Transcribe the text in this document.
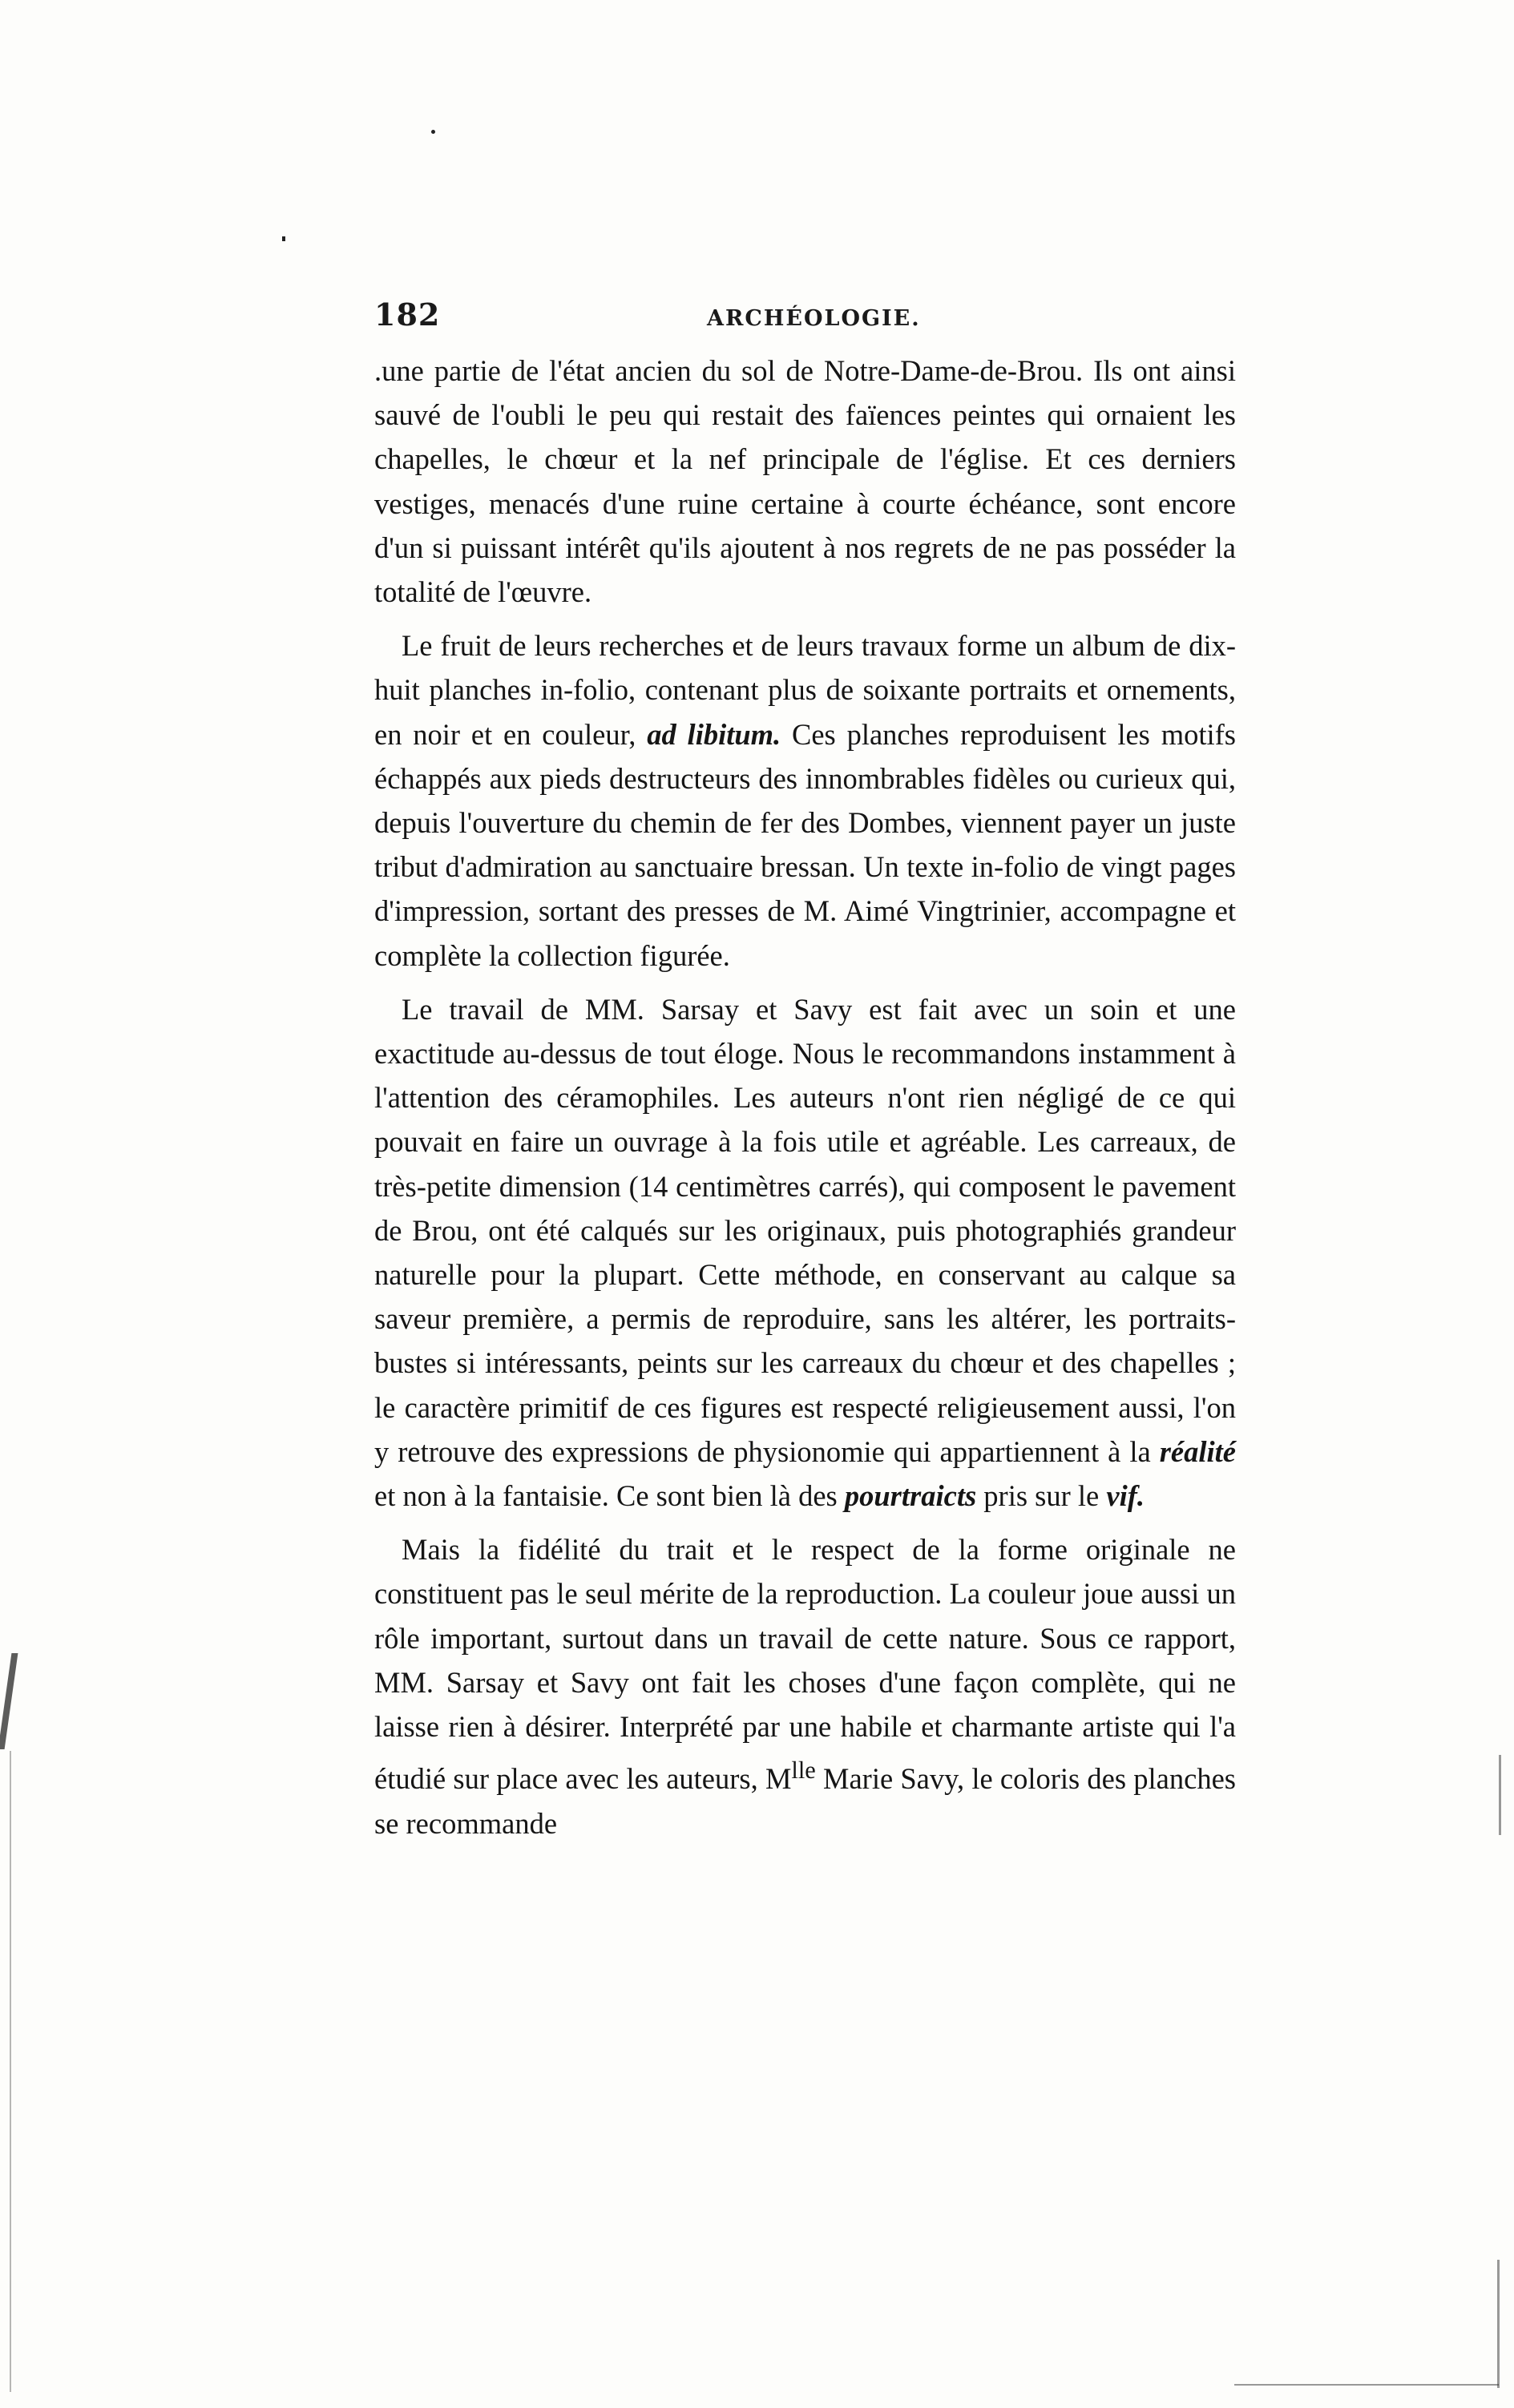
182	ARCHÉOLOGIE.

.une partie de l'état ancien du sol de Notre-Dame-de-Brou. Ils ont ainsi sauvé de l'oubli le peu qui restait des faïences peintes qui ornaient les chapelles, le chœur et la nef principale de l'église. Et ces derniers vestiges, menacés d'une ruine certaine à courte échéance, sont encore d'un si puissant intérêt qu'ils ajoutent à nos regrets de ne pas posséder la totalité de l'œuvre.

Le fruit de leurs recherches et de leurs travaux forme un album de dix-huit planches in-folio, contenant plus de soixante portraits et ornements, en noir et en couleur, ad libitum. Ces planches reproduisent les motifs échappés aux pieds destructeurs des innombrables fidèles ou curieux qui, depuis l'ouverture du chemin de fer des Dombes, viennent payer un juste tribut d'admiration au sanctuaire bressan. Un texte in-folio de vingt pages d'impression, sortant des presses de M. Aimé Vingtrinier, accompagne et complète la collection figurée.

Le travail de MM. Sarsay et Savy est fait avec un soin et une exactitude au-dessus de tout éloge. Nous le recommandons instamment à l'attention des céramophiles. Les auteurs n'ont rien négligé de ce qui pouvait en faire un ouvrage à la fois utile et agréable. Les carreaux, de très-petite dimension (14 centimètres carrés), qui composent le pavement de Brou, ont été calqués sur les originaux, puis photographiés grandeur naturelle pour la plupart. Cette méthode, en conservant au calque sa saveur première, a permis de reproduire, sans les altérer, les portraits-bustes si intéressants, peints sur les carreaux du chœur et des chapelles ; le caractère primitif de ces figures est respecté religieusement aussi, l'on y retrouve des expressions de physionomie qui appartiennent à la réalité et non à la fantaisie. Ce sont bien là des pourtraicts pris sur le vif.

Mais la fidélité du trait et le respect de la forme originale ne constituent pas le seul mérite de la reproduction. La couleur joue aussi un rôle important, surtout dans un travail de cette nature. Sous ce rapport, MM. Sarsay et Savy ont fait les choses d'une façon complète, qui ne laisse rien à désirer. Interprété par une habile et charmante artiste qui l'a étudié sur place avec les auteurs, $M^{lle}$ Marie Savy, le coloris des planches se recommande
